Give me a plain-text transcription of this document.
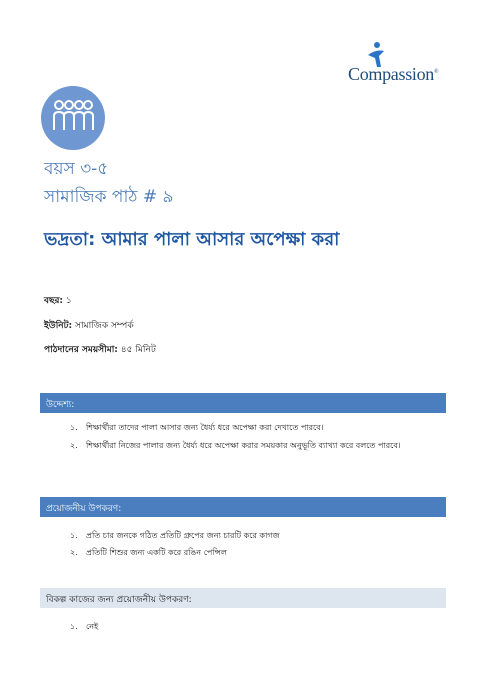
Compassion®
বয়স ৩-৫
সামাজিক পাঠ # ৯
ভদ্রতা: আমার পালা আসার অপেক্ষা করা
বছর: ১
ইউনিট: সামাজিক সম্পর্ক
পাঠদানের সময়সীমা: ৪৫ মিনিট
উদ্দেশ্য:
১. শিক্ষার্থীরা তাদের পালা আসার জন্য ধৈর্য্য ধরে অপেক্ষা করা দেখাতে পারবে।
২. শিক্ষার্থীরা নিজের পালার জন্য ধৈর্য্য ধরে অপেক্ষা করার সময়কার অনুভূতি ব্যাখ্যা করে বলতে পারবে।
প্রয়োজনীয় উপকরণ:
১. প্রতি চার জনকে গঠিত প্রতিটি গ্রুপের জন্য চারটি করে কাগজ
২. প্রতিটি শিশুর জন্য একটি করে রঙিন পেন্সিল
বিকল্প কাজের জন্য প্রয়োজনীয় উপকরণ:
১. নেই
